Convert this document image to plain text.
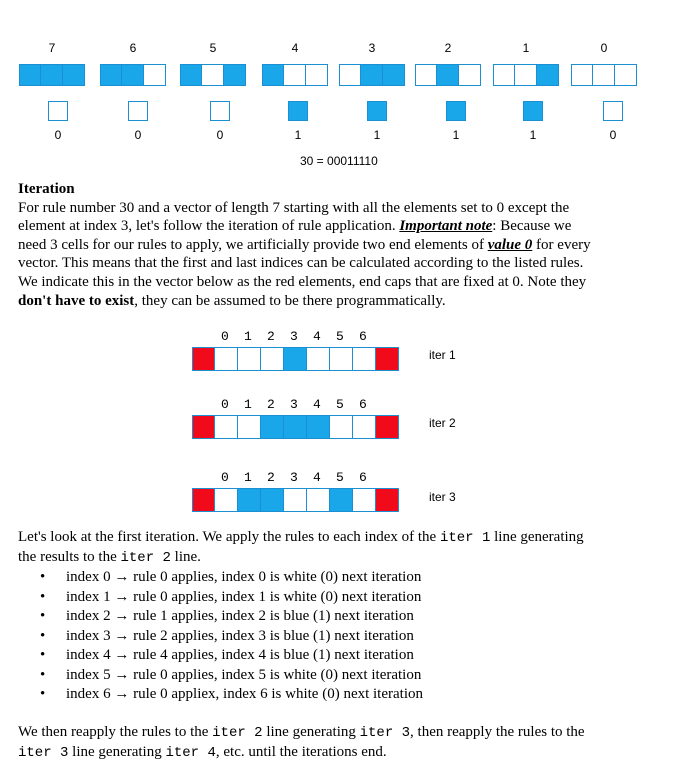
7
0
6
0
5
0
4
1
3
1
2
1
1
1
0
0
30 = 00011110
Iteration
For rule number 30 and a vector of length 7 starting with all the elements set to 0 except the
element at index 3, let's follow the iteration of rule application. Important note: Because we
need 3 cells for our rules to apply, we artificially provide two end elements of value 0 for every
vector. This means that the first and last indices can be calculated according to the listed rules.
We indicate this in the vector below as the red elements, end caps that are fixed at 0. Note they
don't have to exist, they can be assumed to be there programmatically.
0 1 2 3 4 5 6
iter 1
0 1 2 3 4 5 6
iter 2
0 1 2 3 4 5 6
iter 3
Let's look at the first iteration. We apply the rules to each index of the iter 1 line generating
the results to the iter 2 line.
• index 0 → rule 0 applies, index 0 is white (0) next iteration
• index 1 → rule 0 applies, index 1 is white (0) next iteration
• index 2 → rule 1 applies, index 2 is blue (1) next iteration
• index 3 → rule 2 applies, index 3 is blue (1) next iteration
• index 4 → rule 4 applies, index 4 is blue (1) next iteration
• index 5 → rule 0 applies, index 5 is white (0) next iteration
• index 6 → rule 0 appliex, index 6 is white (0) next iteration
We then reapply the rules to the iter 2 line generating iter 3, then reapply the rules to the
iter 3 line generating iter 4, etc. until the iterations end.
